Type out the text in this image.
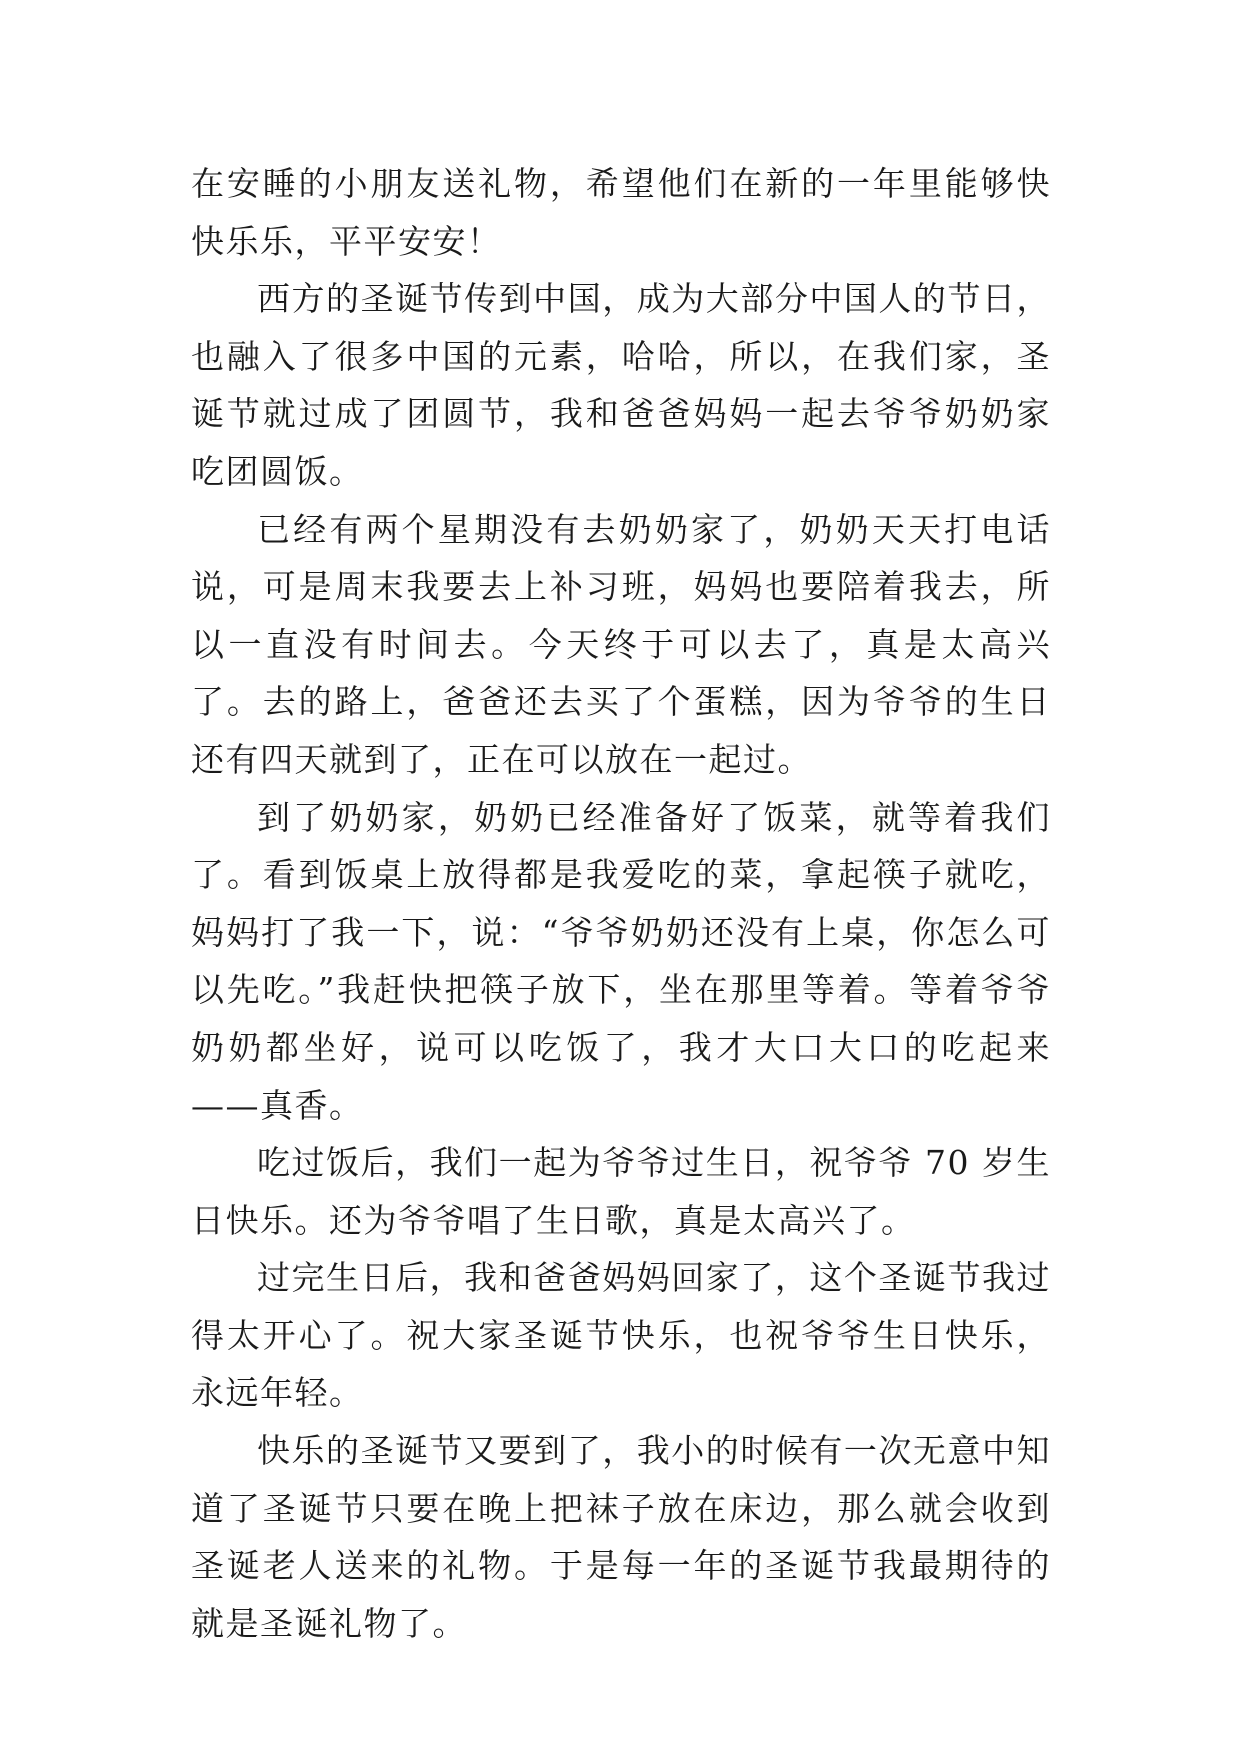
在安睡的小朋友送礼物，希望他们在新的一年里能够快快乐乐，平平安安！

西方的圣诞节传到中国，成为大部分中国人的节日，也融入了很多中国的元素，哈哈，所以，在我们家，圣诞节就过成了团圆节，我和爸爸妈妈一起去爷爷奶奶家吃团圆饭。

已经有两个星期没有去奶奶家了，奶奶天天打电话说，可是周末我要去上补习班，妈妈也要陪着我去，所以一直没有时间去。今天终于可以去了，真是太高兴了。去的路上，爸爸还去买了个蛋糕，因为爷爷的生日还有四天就到了，正在可以放在一起过。

到了奶奶家，奶奶已经准备好了饭菜，就等着我们了。看到饭桌上放得都是我爱吃的菜，拿起筷子就吃，妈妈打了我一下，说：“爷爷奶奶还没有上桌，你怎么可以先吃。”我赶快把筷子放下，坐在那里等着。等着爷爷奶奶都坐好，说可以吃饭了，我才大口大口的吃起来——真香。

吃过饭后，我们一起为爷爷过生日，祝爷爷 70 岁生日快乐。还为爷爷唱了生日歌，真是太高兴了。

过完生日后，我和爸爸妈妈回家了，这个圣诞节我过得太开心了。祝大家圣诞节快乐，也祝爷爷生日快乐，永远年轻。

快乐的圣诞节又要到了，我小的时候有一次无意中知道了圣诞节只要在晚上把袜子放在床边，那么就会收到圣诞老人送来的礼物。于是每一年的圣诞节我最期待的就是圣诞礼物了。
